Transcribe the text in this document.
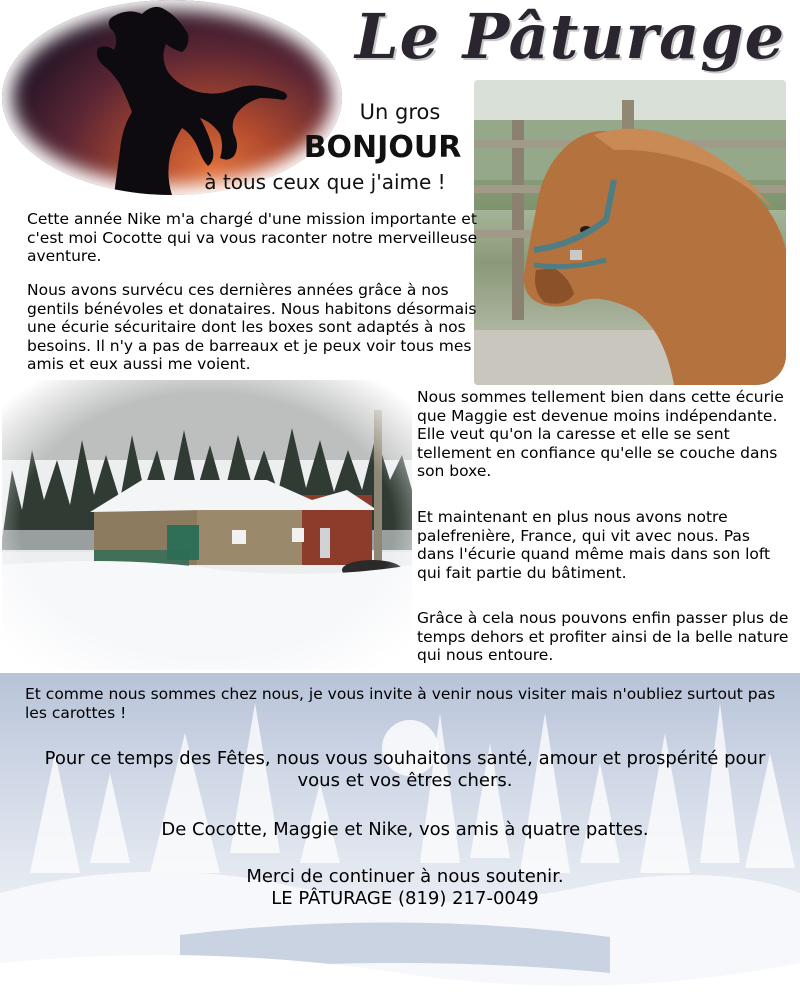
Le Pâturage
Un gros
BONJOUR
à tous ceux que j'aime !
Cette année Nike m'a chargé d'une mission importante et c'est moi Cocotte qui va vous raconter notre merveilleuse aventure.
Nous avons survécu ces dernières années grâce à nos gentils bénévoles et donataires. Nous habitons désormais une écurie sécuritaire dont les boxes sont adaptés à nos besoins. Il n'y a pas de barreaux et je peux voir tous mes amis et eux aussi me voient.
Nous sommes tellement bien dans cette écurie que Maggie est devenue moins indépendante. Elle veut qu'on la caresse et elle se sent tellement en confiance qu'elle se couche dans son boxe.
Et maintenant en plus nous avons notre palefrenière, France, qui vit avec nous. Pas dans l'écurie quand même mais dans son loft qui fait partie du bâtiment.
Grâce à cela nous pouvons enfin passer plus de temps dehors et profiter ainsi de la belle nature qui nous entoure.
Et comme nous sommes chez nous, je vous invite à venir nous visiter mais n'oubliez surtout pas les carottes !
Pour ce temps des Fêtes, nous vous souhaitons santé, amour et prospérité pour vous et vos êtres chers.
De Cocotte, Maggie et Nike, vos amis à quatre pattes.
Merci de continuer à nous soutenir.
LE PÂTURAGE (819) 217-0049
